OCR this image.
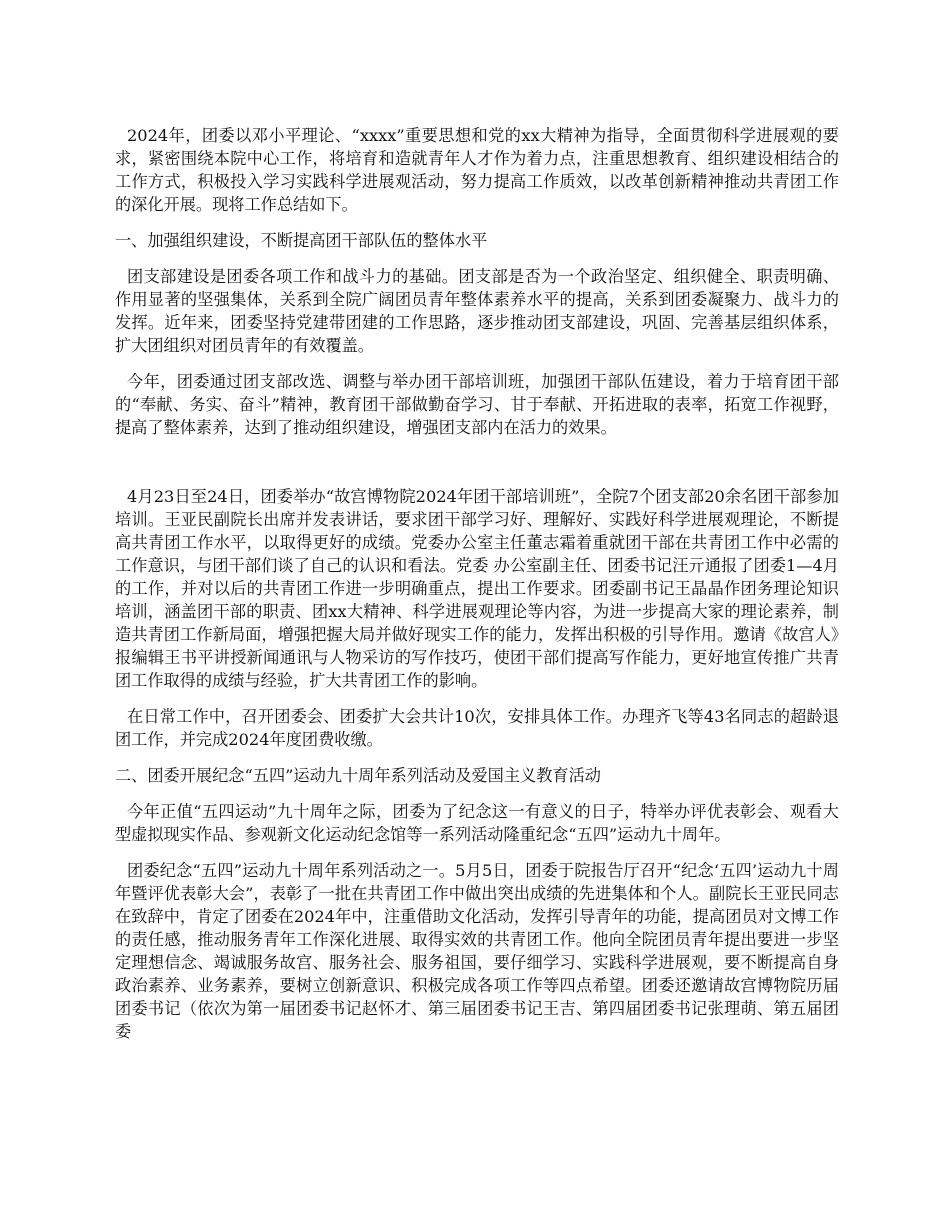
2024年，团委以邓小平理论、“xxxx”重要思想和党的xx大精神为指导，全面贯彻科学进展观的要求，紧密围绕本院中心工作，将培育和造就青年人才作为着力点，注重思想教育、组织建设相结合的工作方式，积极投入学习实践科学进展观活动，努力提高工作质效，以改革创新精神推动共青团工作的深化开展。现将工作总结如下。

一、加强组织建设，不断提高团干部队伍的整体水平

团支部建设是团委各项工作和战斗力的基础。团支部是否为一个政治坚定、组织健全、职责明确、作用显著的坚强集体，关系到全院广阔团员青年整体素养水平的提高，关系到团委凝聚力、战斗力的发挥。近年来，团委坚持党建带团建的工作思路，逐步推动团支部建设，巩固、完善基层组织体系，扩大团组织对团员青年的有效覆盖。

今年，团委通过团支部改选、调整与举办团干部培训班，加强团干部队伍建设，着力于培育团干部的“奉献、务实、奋斗”精神，教育团干部做勤奋学习、甘于奉献、开拓进取的表率，拓宽工作视野，提高了整体素养，达到了推动组织建设，增强团支部内在活力的效果。

4月23日至24日，团委举办“故宫博物院2024年团干部培训班”，全院7个团支部20余名团干部参加培训。王亚民副院长出席并发表讲话，要求团干部学习好、理解好、实践好科学进展观理论，不断提高共青团工作水平，以取得更好的成绩。党委办公室主任董志霜着重就团干部在共青团工作中必需的工作意识，与团干部们谈了自己的认识和看法。党委 办公室副主任、团委书记汪亓通报了团委1—4月的工作，并对以后的共青团工作进一步明确重点，提出工作要求。团委副书记王晶晶作团务理论知识培训，涵盖团干部的职责、团xx大精神、科学进展观理论等内容，为进一步提高大家的理论素养，制造共青团工作新局面，增强把握大局并做好现实工作的能力，发挥出积极的引导作用。邀请《故宫人》报编辑王书平讲授新闻通讯与人物采访的写作技巧，使团干部们提高写作能力，更好地宣传推广共青团工作取得的成绩与经验，扩大共青团工作的影响。

在日常工作中，召开团委会、团委扩大会共计10次，安排具体工作。办理齐飞等43名同志的超龄退团工作，并完成2024年度团费收缴。

二、团委开展纪念“五四”运动九十周年系列活动及爱国主义教育活动

今年正值“五四运动”九十周年之际，团委为了纪念这一有意义的日子，特举办评优表彰会、观看大型虚拟现实作品、参观新文化运动纪念馆等一系列活动隆重纪念“五四”运动九十周年。

团委纪念“五四”运动九十周年系列活动之一。5月5日，团委于院报告厅召开“纪念‘五四’运动九十周年暨评优表彰大会”，表彰了一批在共青团工作中做出突出成绩的先进集体和个人。副院长王亚民同志在致辞中，肯定了团委在2024年中，注重借助文化活动，发挥引导青年的功能，提高团员对文博工作的责任感，推动服务青年工作深化进展、取得实效的共青团工作。他向全院团员青年提出要进一步坚定理想信念、竭诚服务故宫、服务社会、服务祖国，要仔细学习、实践科学进展观，要不断提高自身政治素养、业务素养，要树立创新意识、积极完成各项工作等四点希望。团委还邀请故宫博物院历届团委书记（依次为第一届团委书记赵怀才、第三届团委书记王吉、第四届团委书记张理萌、第五届团委
